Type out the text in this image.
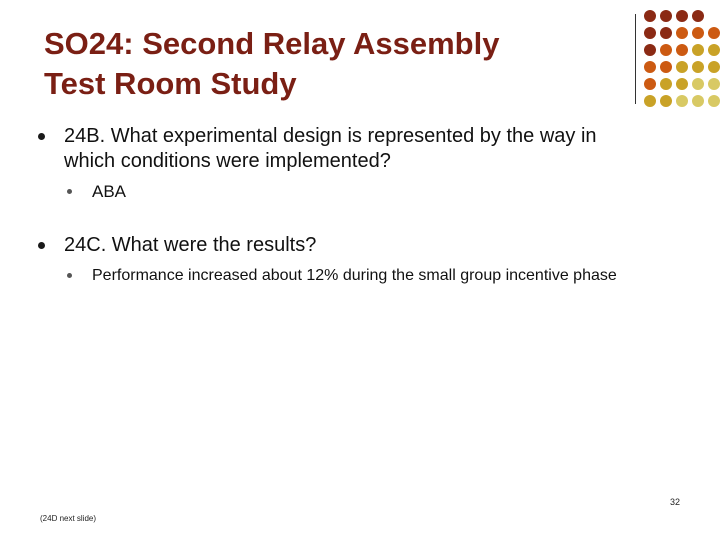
SO24: Second Relay Assembly
Test Room Study
24B. What experimental design is represented by the way in which conditions were implemented?
ABA
24C. What were the results?
Performance increased about 12% during the small group incentive phase
32
(24D next slide)
